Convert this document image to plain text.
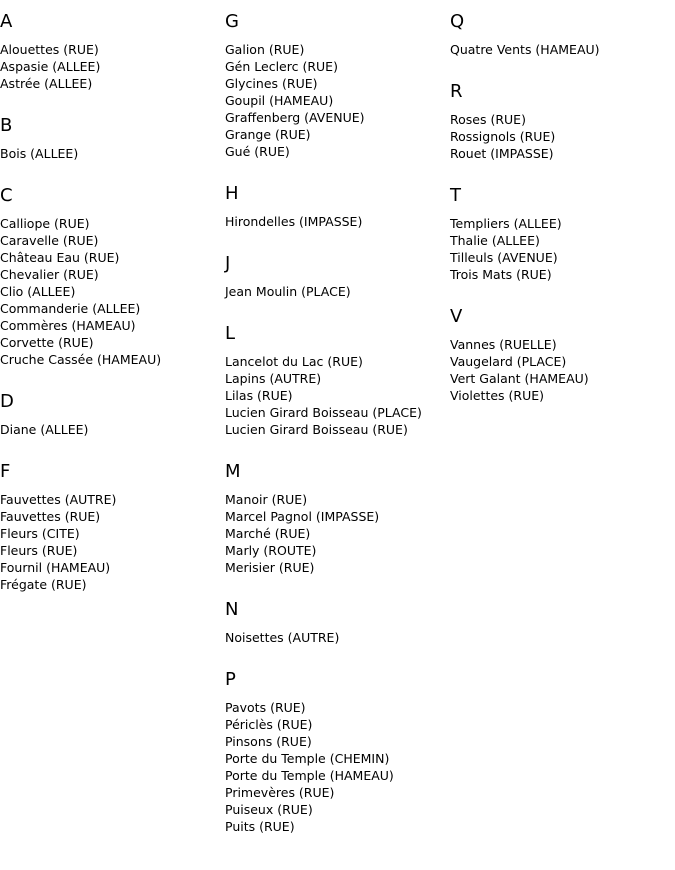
A
Alouettes (RUE)
Aspasie (ALLEE)
Astrée (ALLEE)
B
Bois (ALLEE)
C
Calliope (RUE)
Caravelle (RUE)
Château Eau (RUE)
Chevalier (RUE)
Clio (ALLEE)
Commanderie (ALLEE)
Commères (HAMEAU)
Corvette (RUE)
Cruche Cassée (HAMEAU)
D
Diane (ALLEE)
F
Fauvettes (AUTRE)
Fauvettes (RUE)
Fleurs (CITE)
Fleurs (RUE)
Fournil (HAMEAU)
Frégate (RUE)
G
Galion (RUE)
Gén Leclerc (RUE)
Glycines (RUE)
Goupil (HAMEAU)
Graffenberg (AVENUE)
Grange (RUE)
Gué (RUE)
H
Hirondelles (IMPASSE)
J
Jean Moulin (PLACE)
L
Lancelot du Lac (RUE)
Lapins (AUTRE)
Lilas (RUE)
Lucien Girard Boisseau (PLACE)
Lucien Girard Boisseau (RUE)
M
Manoir (RUE)
Marcel Pagnol (IMPASSE)
Marché (RUE)
Marly (ROUTE)
Merisier (RUE)
N
Noisettes (AUTRE)
P
Pavots (RUE)
Périclès (RUE)
Pinsons (RUE)
Porte du Temple (CHEMIN)
Porte du Temple (HAMEAU)
Primevères (RUE)
Puiseux (RUE)
Puits (RUE)
Q
Quatre Vents (HAMEAU)
R
Roses (RUE)
Rossignols (RUE)
Rouet (IMPASSE)
T
Templiers (ALLEE)
Thalie (ALLEE)
Tilleuls (AVENUE)
Trois Mats (RUE)
V
Vannes (RUELLE)
Vaugelard (PLACE)
Vert Galant (HAMEAU)
Violettes (RUE)
